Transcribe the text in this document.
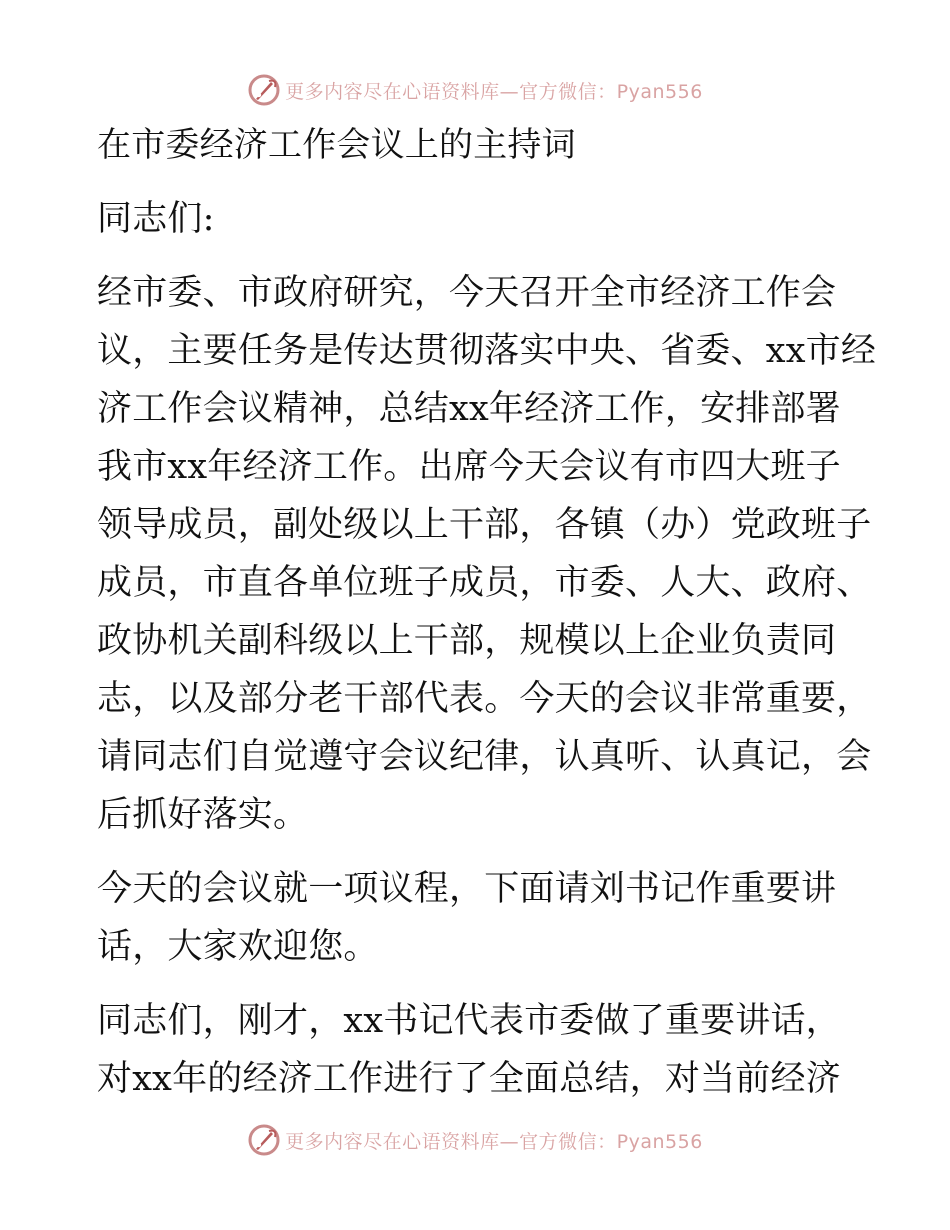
更多内容尽在心语资料库—官方微信：Pyan556
在市委经济工作会议上的主持词
同志们:
经市委、市政府研究，今天召开全市经济工作会
议，主要任务是传达贯彻落实中央、省委、xx市经
济工作会议精神，总结xx年经济工作，安排部署
我市xx年经济工作。出席今天会议有市四大班子
领导成员，副处级以上干部，各镇（办）党政班子
成员，市直各单位班子成员，市委、人大、政府、
政协机关副科级以上干部，规模以上企业负责同
志，以及部分老干部代表。今天的会议非常重要，
请同志们自觉遵守会议纪律，认真听、认真记，会
后抓好落实。
今天的会议就一项议程，下面请刘书记作重要讲
话，大家欢迎您。
同志们，刚才，xx书记代表市委做了重要讲话，
对xx年的经济工作进行了全面总结，对当前经济
更多内容尽在心语资料库—官方微信：Pyan556
